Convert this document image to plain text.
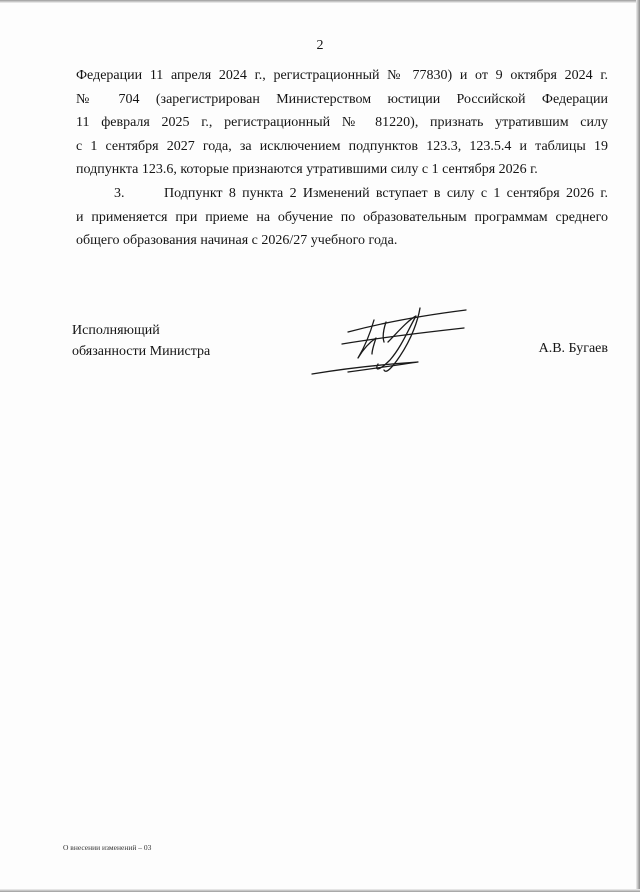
2
Федерации 11 апреля 2024 г., регистрационный № 77830) и от 9 октября 2024 г.
№ 704 (зарегистрирован Министерством юстиции Российской Федерации
11 февраля 2025 г., регистрационный № 81220), признать утратившим силу
с 1 сентября 2027 года, за исключением подпунктов 123.3, 123.5.4 и таблицы 19
подпункта 123.6, которые признаются утратившими силу с 1 сентября 2026 г.
3.	Подпункт 8 пункта 2 Изменений вступает в силу с 1 сентября 2026 г.
и применяется при приеме на обучение по образовательным программам среднего
общего образования начиная с 2026/27 учебного года.
Исполняющий
обязанности Министра	А.В. Бугаев
О внесении изменений – 03
